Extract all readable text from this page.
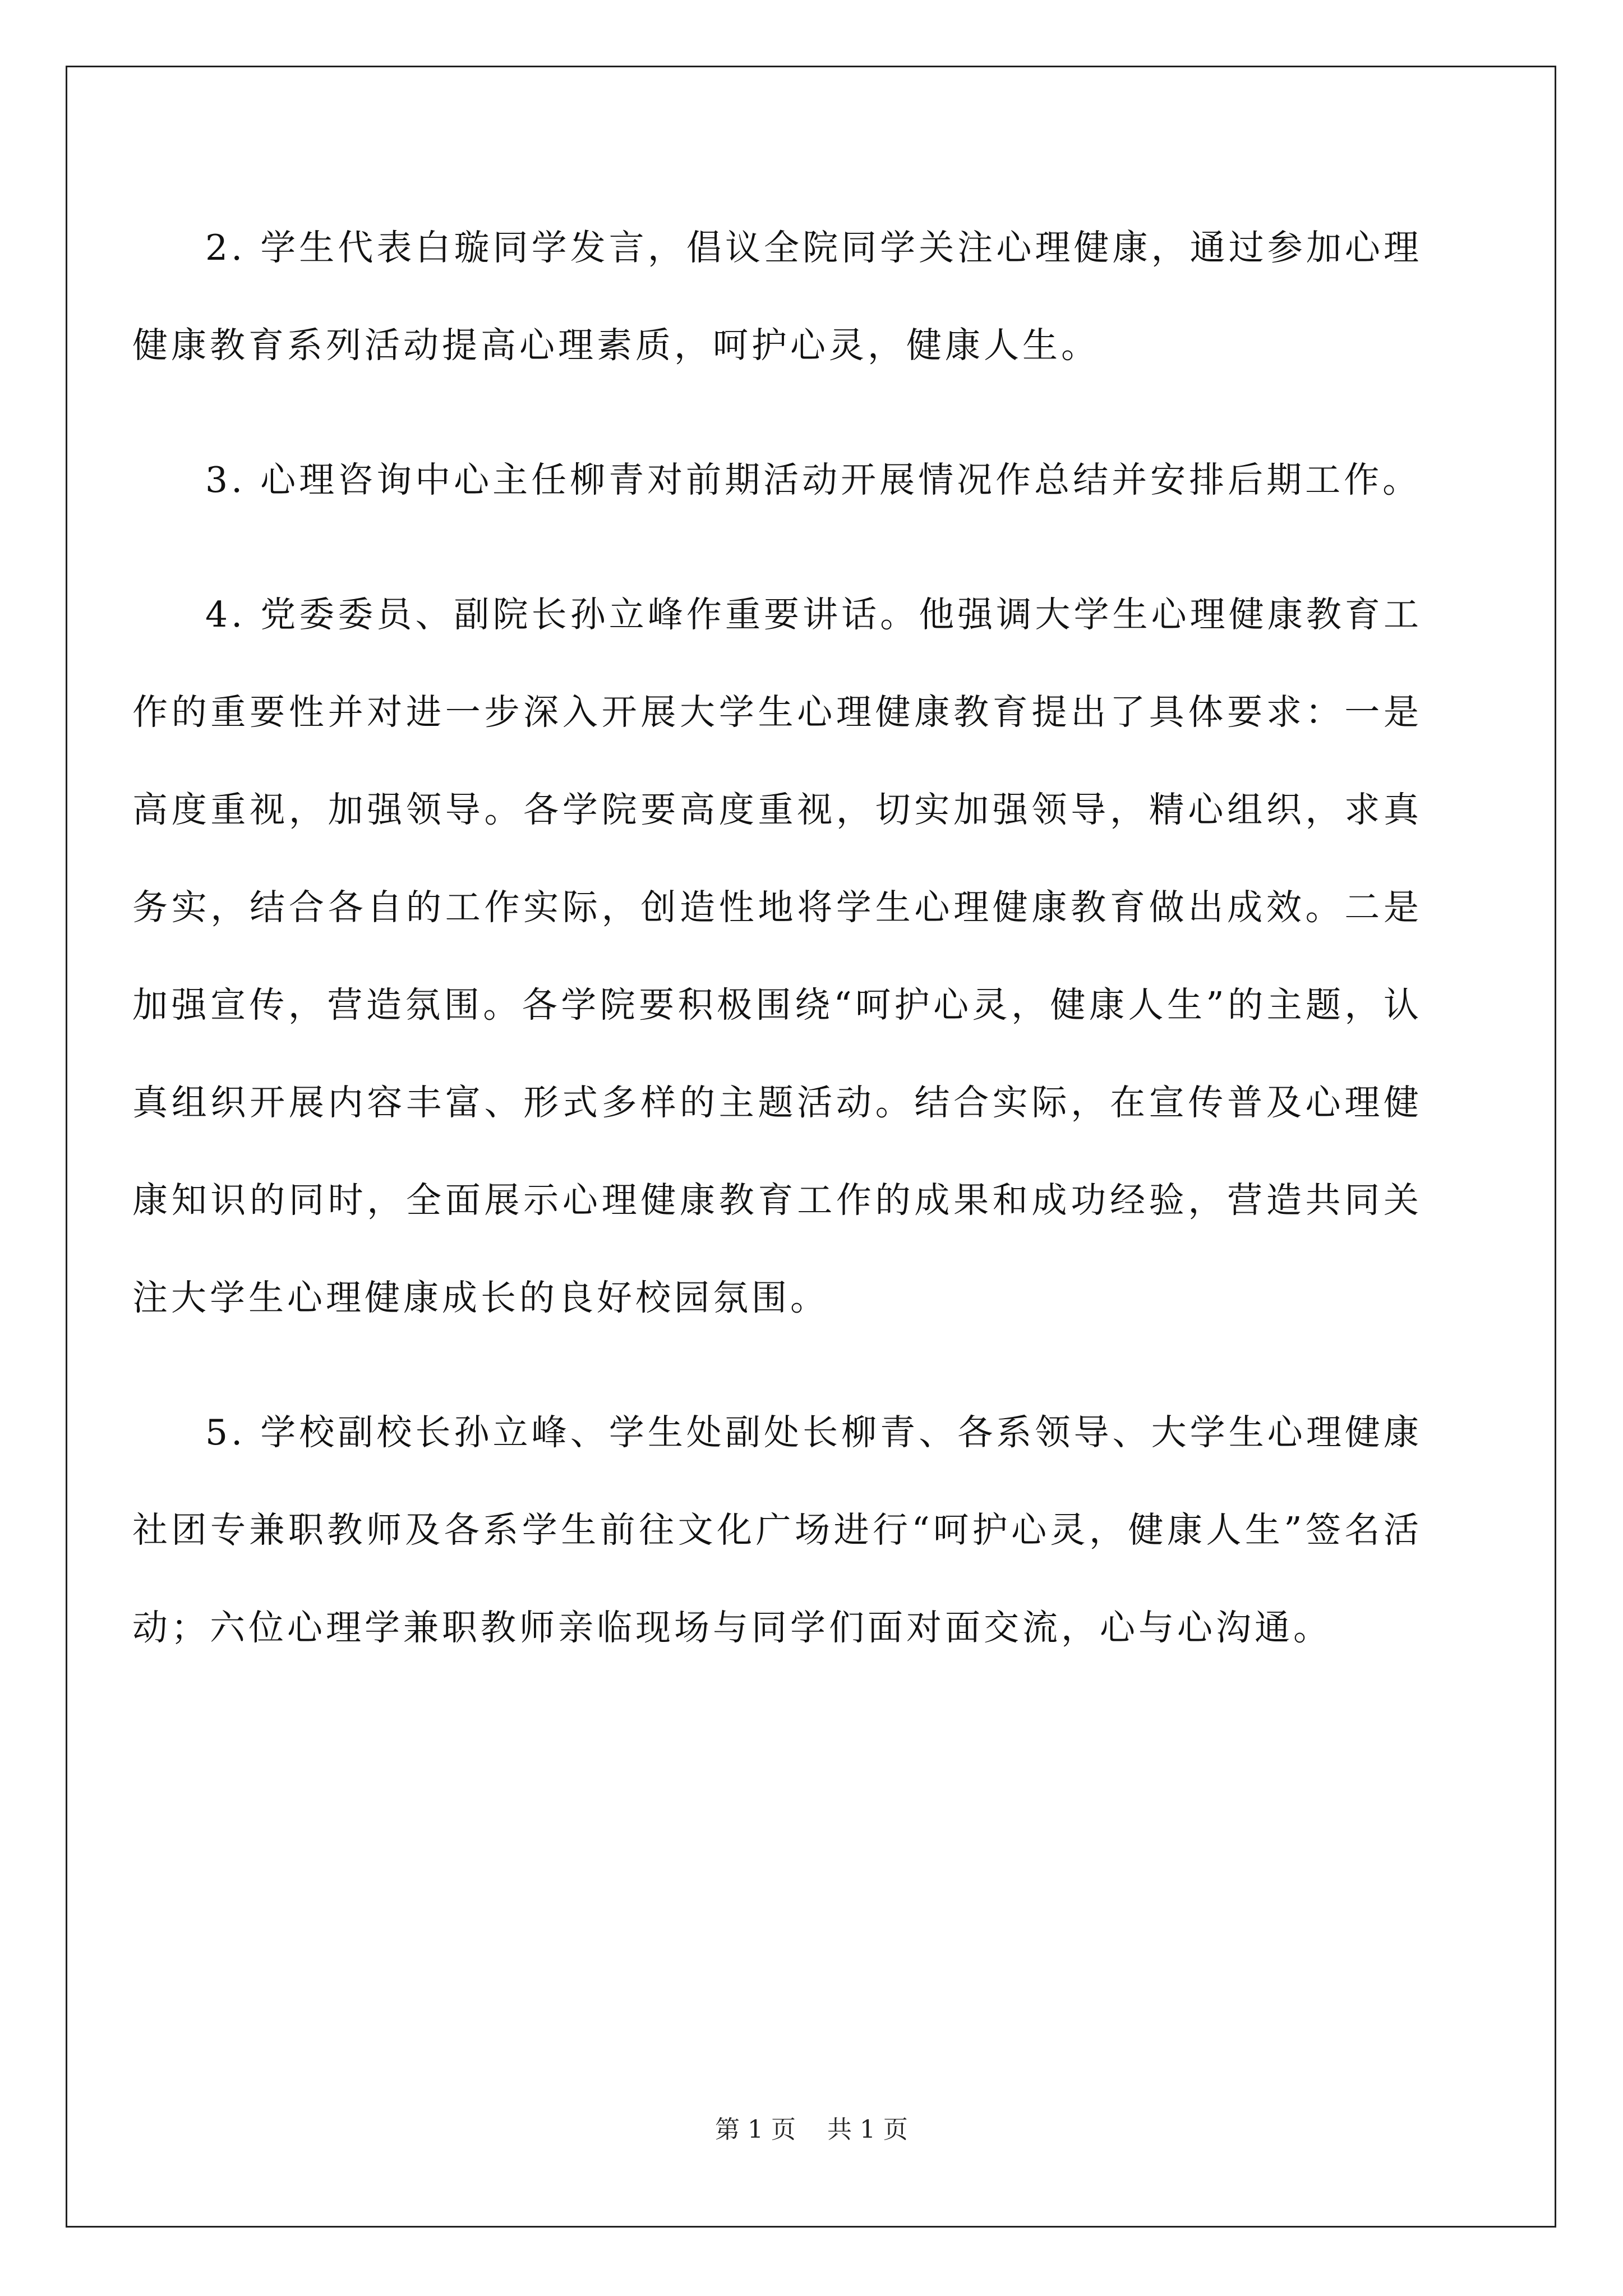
2. 学生代表白璇同学发言，倡议全院同学关注心理健康，通过参加心理健康教育系列活动提高心理素质，呵护心灵，健康人生。

3. 心理咨询中心主任柳青对前期活动开展情况作总结并安排后期工作。

4. 党委委员、副院长孙立峰作重要讲话。他强调大学生心理健康教育工作的重要性并对进一步深入开展大学生心理健康教育提出了具体要求：一是高度重视，加强领导。各学院要高度重视，切实加强领导，精心组织，求真务实，结合各自的工作实际，创造性地将学生心理健康教育做出成效。二是加强宣传，营造氛围。各学院要积极围绕“呵护心灵，健康人生”的主题，认真组织开展内容丰富、形式多样的主题活动。结合实际，在宣传普及心理健康知识的同时，全面展示心理健康教育工作的成果和成功经验，营造共同关注大学生心理健康成长的良好校园氛围。

5. 学校副校长孙立峰、学生处副处长柳青、各系领导、大学生心理健康社团专兼职教师及各系学生前往文化广场进行“呵护心灵，健康人生”签名活动；六位心理学兼职教师亲临现场与同学们面对面交流，心与心沟通。

第 1 页    共 1 页
